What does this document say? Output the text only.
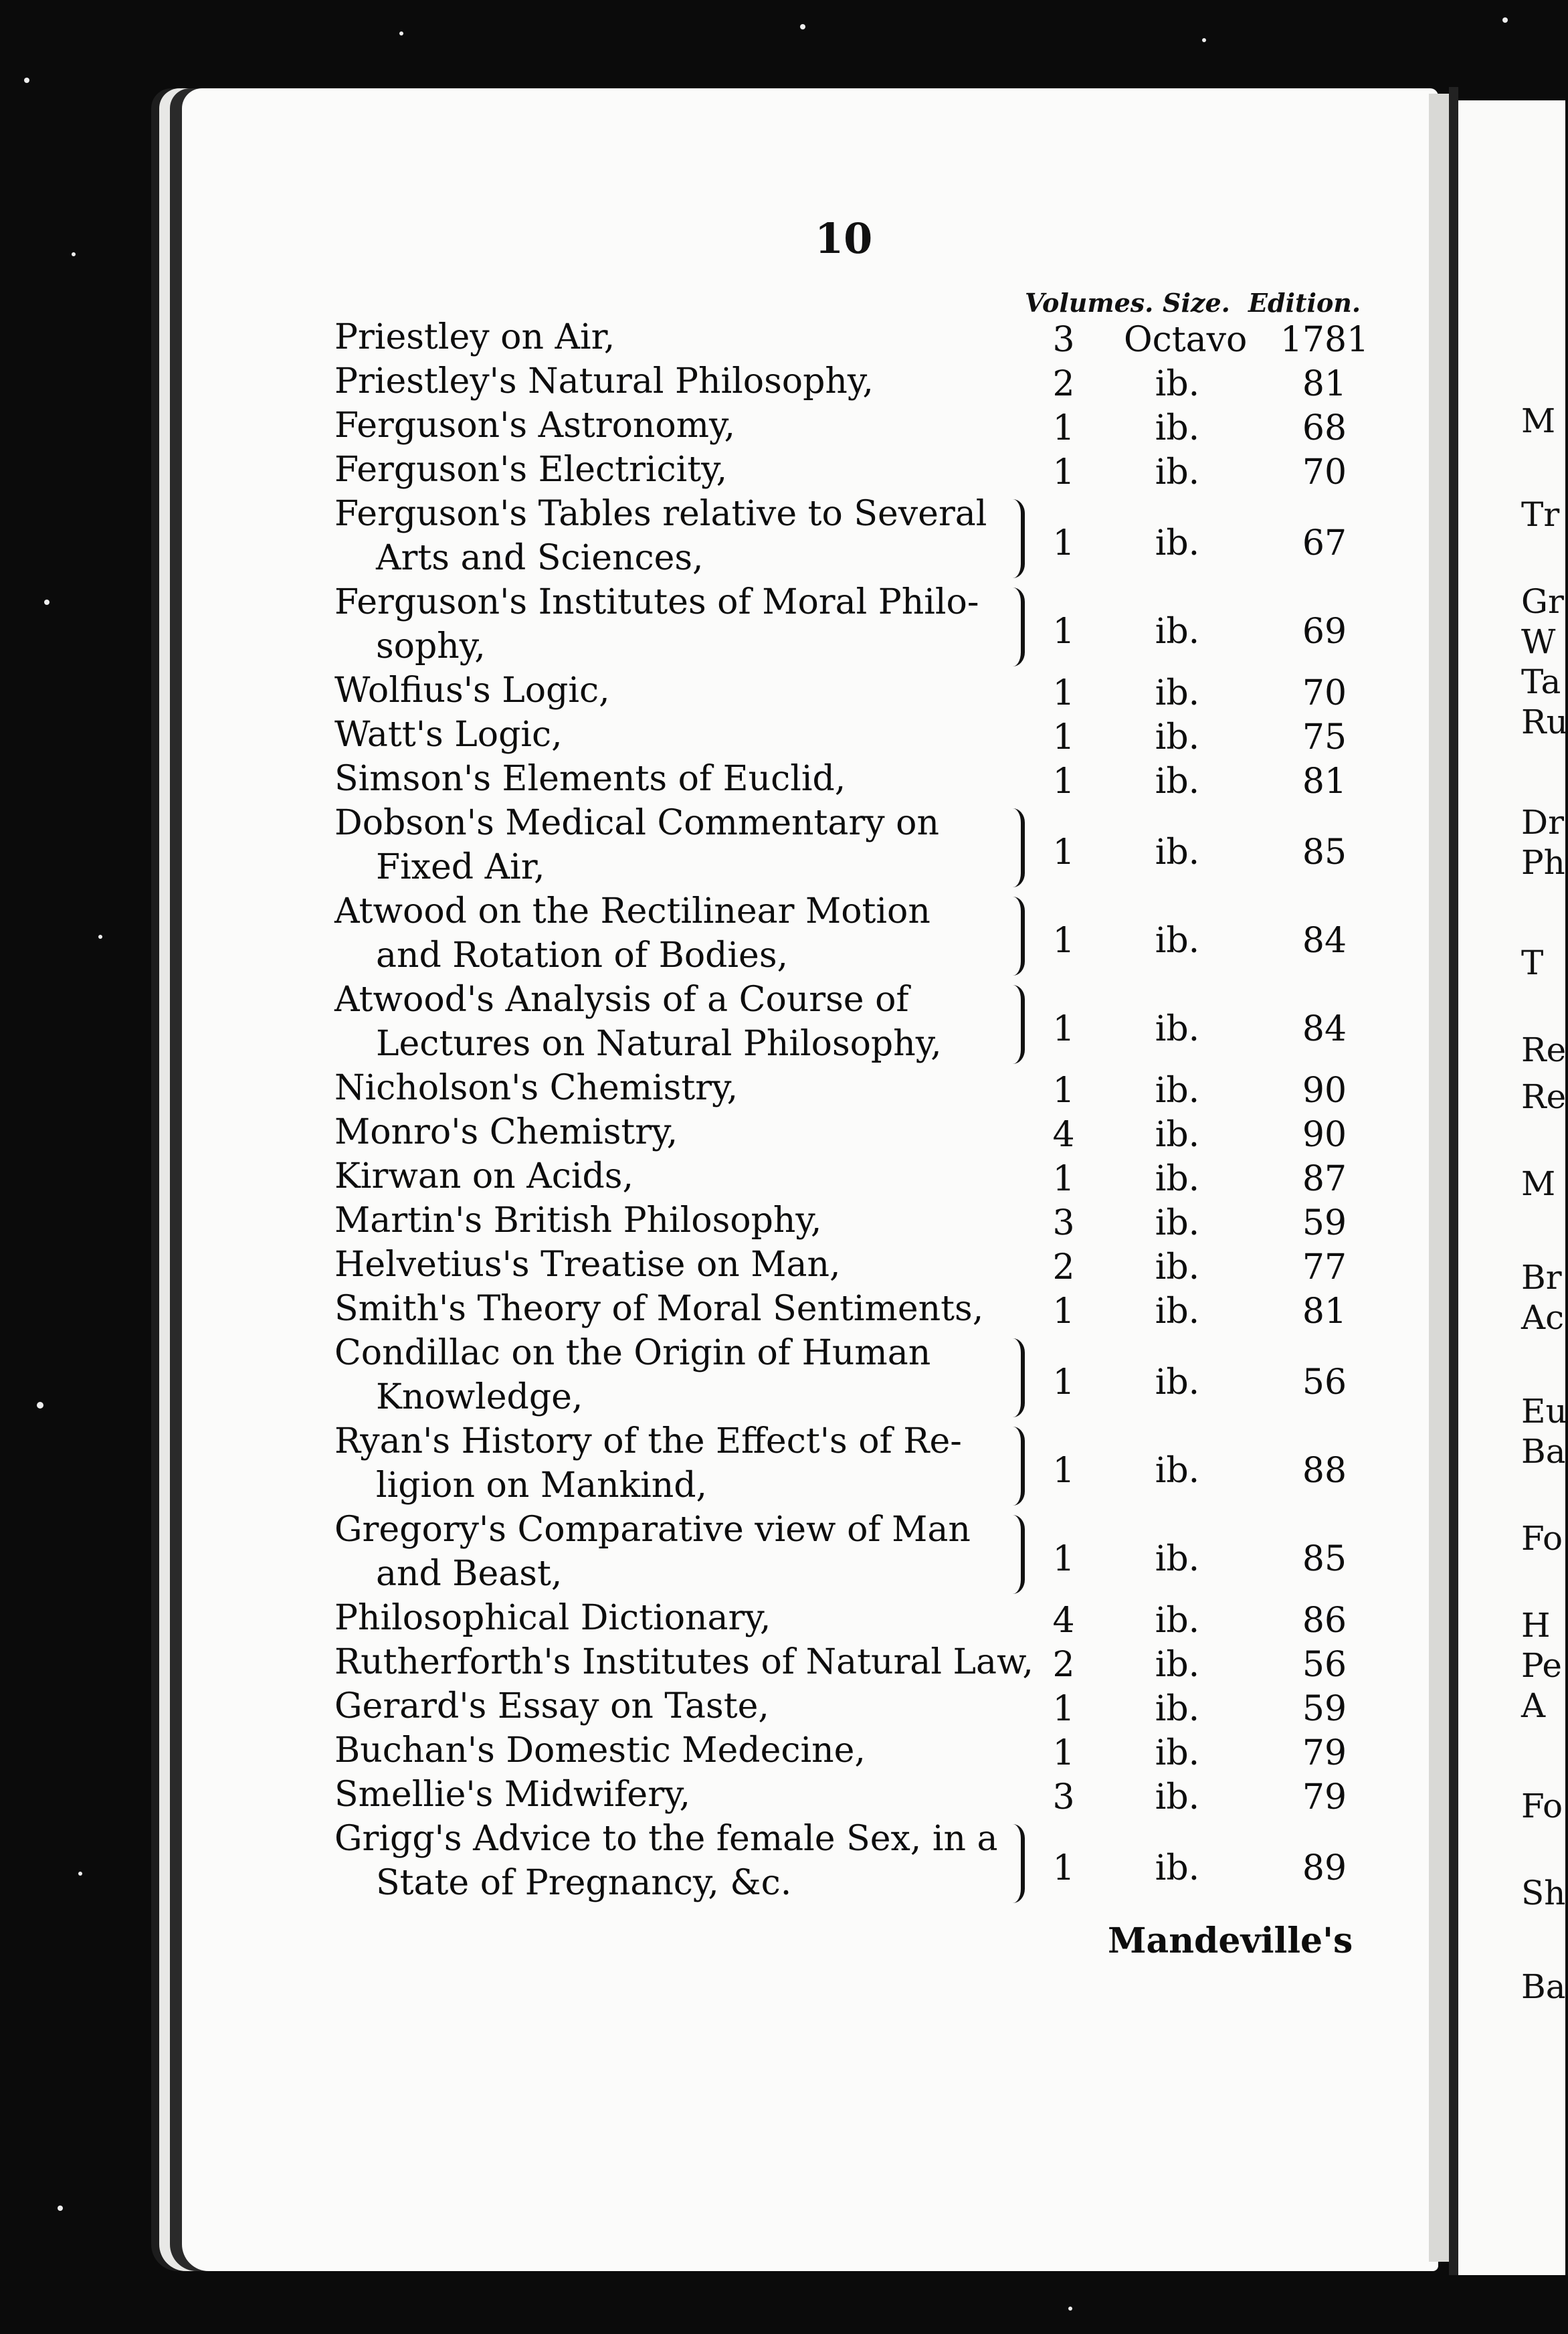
10
Volumes. Size. Edition.
Priestley on Air,	3	Octavo 1781
Priestley's Natural Philosophy,	2	ib.	81
Ferguson's Astronomy,	1	ib.	68
Ferguson's Electricity,	1	ib.	70
Ferguson's Tables relative to Several
Arts and Sciences,	1	ib.	67
Ferguson's Institutes of Moral Philo-
sophy,	1	ib.	69
Wolfius's Logic,	1	ib.	70
Watt's Logic,	1	ib.	75
Simson's Elements of Euclid,	1	ib.	81
Dobson's Medical Commentary on
Fixed Air,	1	ib.	85
Atwood on the Rectilinear Motion
and Rotation of Bodies,	1	ib.	84
Atwood's Analysis of a Course of
Lectures on Natural Philosophy,	1	ib.	84
Nicholson's Chemistry,	1	ib.	90
Monro's Chemistry,	4	ib.	90
Kirwan on Acids,	1	ib.	87
Martin's British Philosophy,	3	ib.	59
Helvetius's Treatise on Man,	2	ib.	77
Smith's Theory of Moral Sentiments,	1	ib.	81
Condillac on the Origin of Human
Knowledge,	1	ib.	56
Ryan's History of the Effect's of Re-
ligion on Mankind,	1	ib.	88
Gregory's Comparative view of Man
and Beast,	1	ib.	85
Philosophical Dictionary,	4	ib.	86
Rutherforth's Institutes of Natural Law, 2	ib.	56
Gerard's Essay on Taste,	1	ib.	59
Buchan's Domestic Medecine,	1	ib.	79
Smellie's Midwifery,	3	ib.	79
Grigg's Advice to the female Sex, in a
State of Pregnancy, &c.	1	ib.	89
Mandeville's
M
Tr
Gr
W
Ta
Ru
Dr
Ph
T
Re
Re
M
Br
Ac
Eu
Ba
Fo
H
Pe
A
Fo
Sh
Ba
